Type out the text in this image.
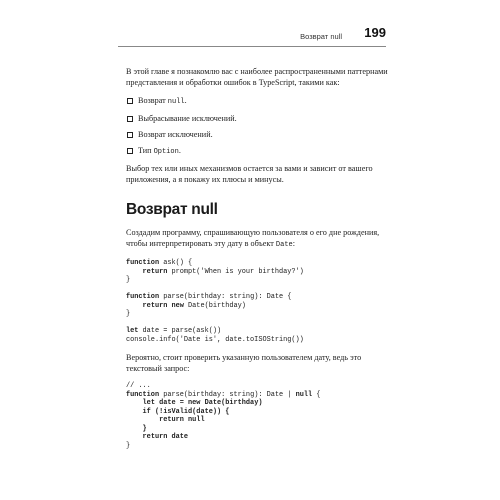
Возврат null 199

В этой главе я познакомлю вас с наиболее распространенными паттернами представления и обработки ошибок в TypeScript, такими как:

Возврат null.
Выбрасывание исключений.
Возврат исключений.
Тип Option.

Выбор тех или иных механизмов остается за вами и зависит от вашего приложения, а я покажу их плюсы и минусы.

Возврат null

Создадим программу, спрашивающую пользователя о его дне рождения, чтобы интерпретировать эту дату в объект Date:

function ask() {
return prompt('When is your birthday?')
}

function parse(birthday: string): Date {
return new Date(birthday)
}

let date = parse(ask())
console.info('Date is', date.toISOString())

Вероятно, стоит проверить указанную пользователем дату, ведь это текстовый запрос:

// ...
function parse(birthday: string): Date | null {
let date = new Date(birthday)
if (!isValid(date)) {
return null
}
return date
}
